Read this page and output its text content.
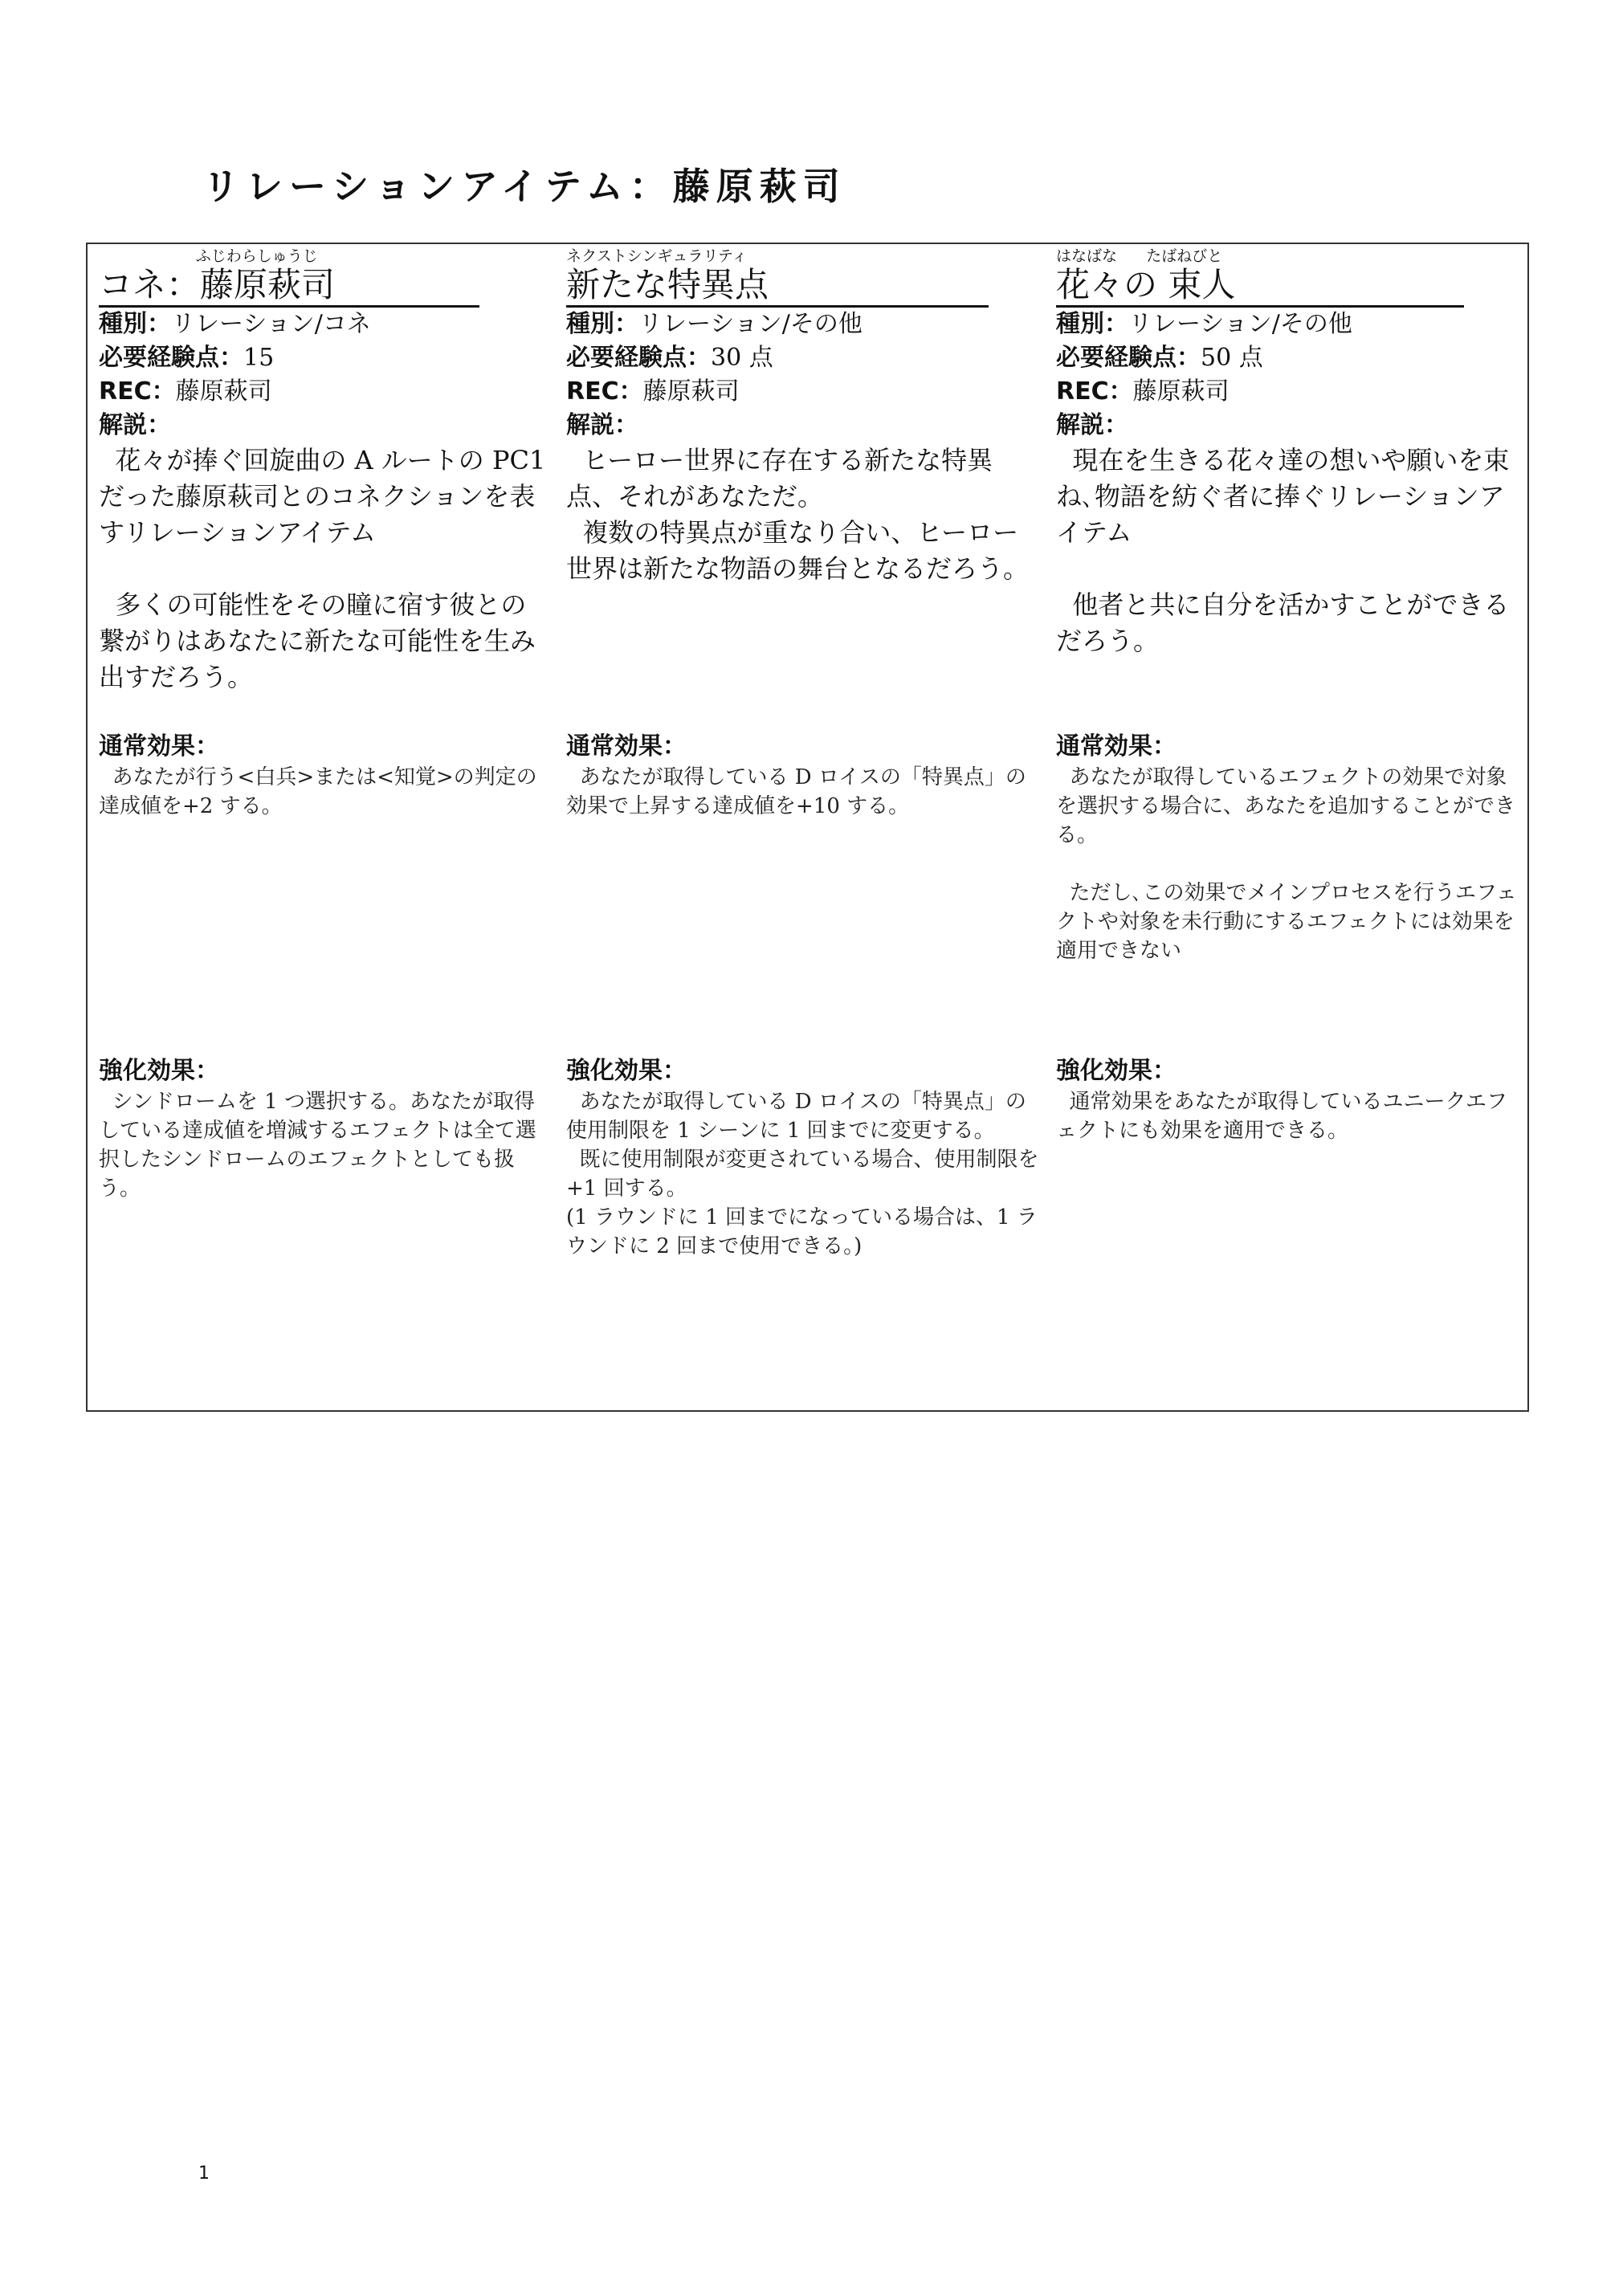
リレーションアイテム：藤原萩司
ふじわらしゅうじ
コネ：藤原萩司
種別：リレーション/コネ
必要経験点：15
REC：藤原萩司
解説：

花々が捧ぐ回旋曲の A ルートの PC1 だった藤原萩司とのコネクションを表すリレーションアイテム

多くの可能性をその瞳に宿す彼との繋がりはあなたに新たな可能性を生み出すだろう。

通常効果：

あなたが行う<白兵>または<知覚>の判定の達成値を+2 する。

強化効果：

シンドロームを 1 つ選択する。あなたが取得している達成値を増減するエフェクトは全て選択したシンドロームのエフェクトとしても扱う。

ネクストシンギュラリティ
新たな特異点
種別：リレーション/その他
必要経験点：30 点
REC：藤原萩司
解説：

ヒーロー世界に存在する新たな特異点、それがあなただ。
複数の特異点が重なり合い、ヒーロー世界は新たな物語の舞台となるだろう。

通常効果：

あなたが取得している D ロイスの「特異点」の効果で上昇する達成値を+10 する。

強化効果：

あなたが取得している D ロイスの「特異点」の使用制限を 1 シーンに 1 回までに変更する。
既に使用制限が変更されている場合、使用制限を+1 回する。
(1 ラウンドに 1 回までになっている場合は、1 ラウンドに 2 回まで使用できる。)

はなばな      たばねびと
花々の 束人
種別：リレーション/その他
必要経験点：50 点
REC：藤原萩司
解説：

現在を生きる花々達の想いや願いを束ね､物語を紡ぐ者に捧ぐリレーションアイテム

他者と共に自分を活かすことができるだろう。

通常効果：

あなたが取得しているエフェクトの効果で対象を選択する場合に、あなたを追加することができる。

ただし､この効果でメインプロセスを行うエフェクトや対象を未行動にするエフェクトには効果を適用できない

強化効果：

通常効果をあなたが取得しているユニークエフェクトにも効果を適用できる。

1
